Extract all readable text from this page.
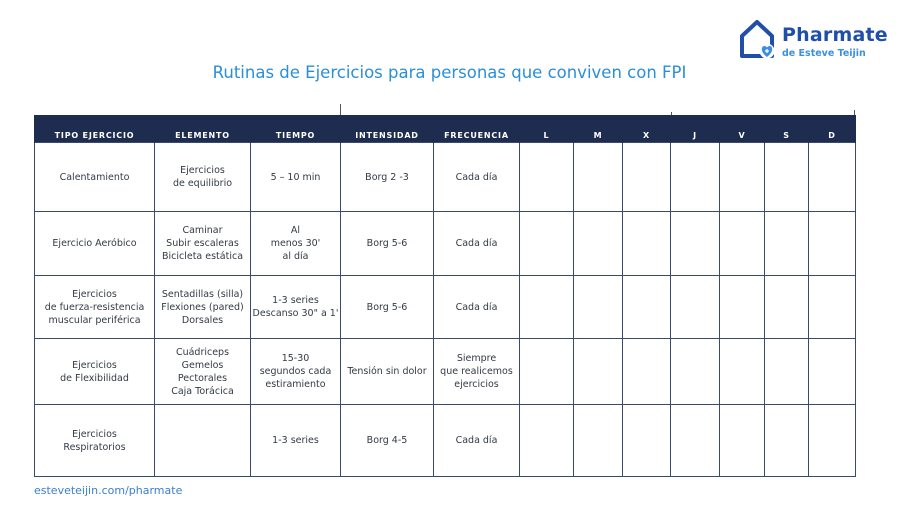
Pharmate
de Esteve Teijin
Rutinas de Ejercicios para personas que conviven con FPI
TIPO EJERCICIO	ELEMENTO	TIEMPO	INTENSIDAD	FRECUENCIA	L	M	X	J	V	S	D

Calentamiento	Ejercicios
de equilibrio	5 – 10 min	Borg 2 -3	Cada día							

Ejercicio Aeróbico	Caminar
Subir escaleras
Bicicleta estática	Al
menos 30'
al día	Borg 5-6	Cada día							

Ejercicios
de fuerza-resistencia
muscular periférica	Sentadillas (silla)
Flexiones (pared)
Dorsales	1-3 series
Descanso 30" a 1'	Borg 5-6	Cada día							

Ejercicios
de Flexibilidad	Cuádriceps
Gemelos
Pectorales
Caja Torácica	15-30
segundos cada
estiramiento	Tensión sin dolor	Siempre
que realicemos
ejercicios							

Ejercicios
Respiratorios		1-3 series	Borg 4-5	Cada día							

esteveteijin.com/pharmate
